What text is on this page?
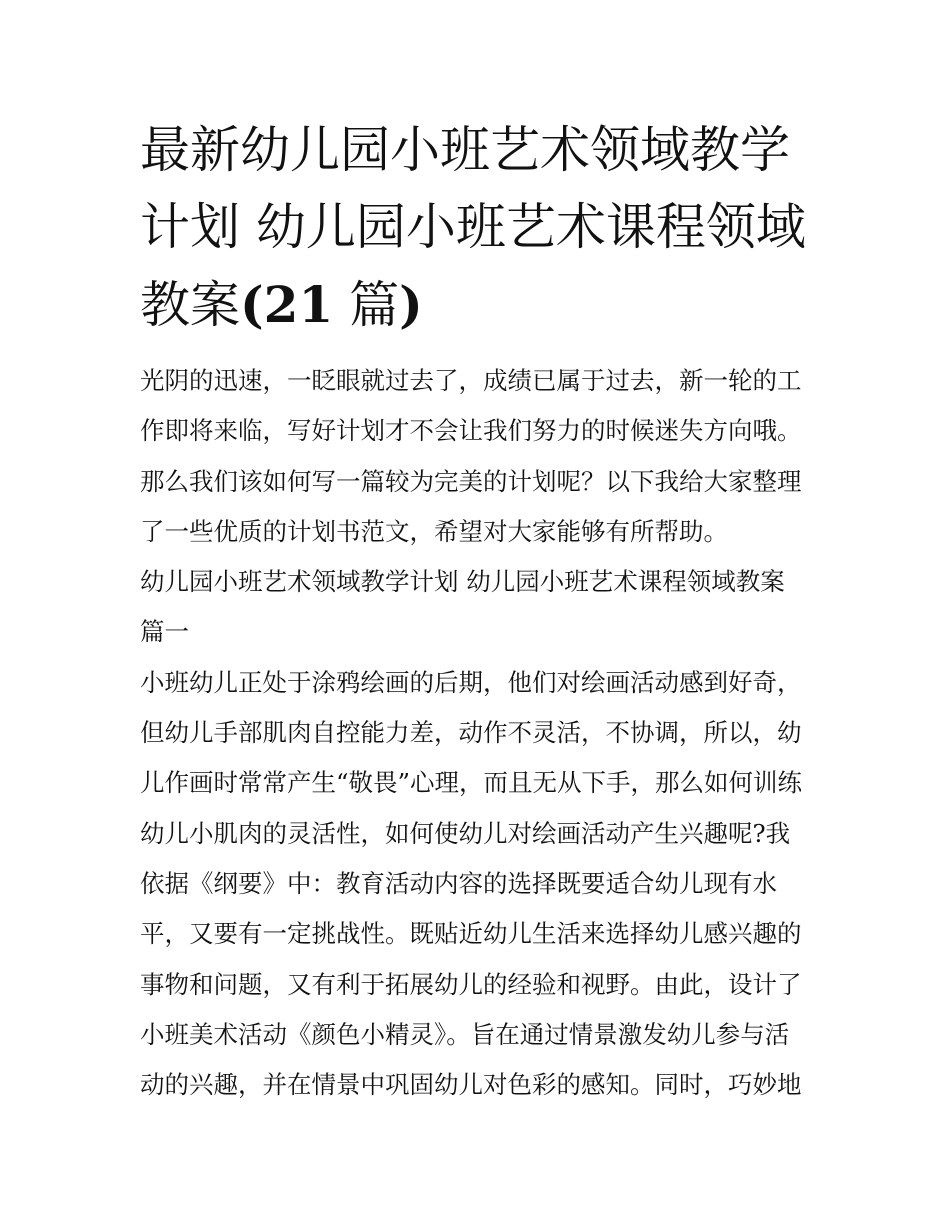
最新幼儿园小班艺术领域教学
计划 幼儿园小班艺术课程领域
教案(21 篇)

光阴的迅速，一眨眼就过去了，成绩已属于过去，新一轮的工
作即将来临，写好计划才不会让我们努力的时候迷失方向哦。
那么我们该如何写一篇较为完美的计划呢？以下我给大家整理
了一些优质的计划书范文，希望对大家能够有所帮助。

幼儿园小班艺术领域教学计划 幼儿园小班艺术课程领域教案
篇一

小班幼儿正处于涂鸦绘画的后期，他们对绘画活动感到好奇，
但幼儿手部肌肉自控能力差，动作不灵活，不协调，所以，幼
儿作画时常常产生“敬畏”心理，而且无从下手，那么如何训练
幼儿小肌肉的灵活性，如何使幼儿对绘画活动产生兴趣呢?我
依据《纲要》中：教育活动内容的选择既要适合幼儿现有水
平，又要有一定挑战性。既贴近幼儿生活来选择幼儿感兴趣的
事物和问题，又有利于拓展幼儿的经验和视野。由此，设计了
小班美术活动《颜色小精灵》。旨在通过情景激发幼儿参与活
动的兴趣，并在情景中巩固幼儿对色彩的感知。同时，巧妙地
